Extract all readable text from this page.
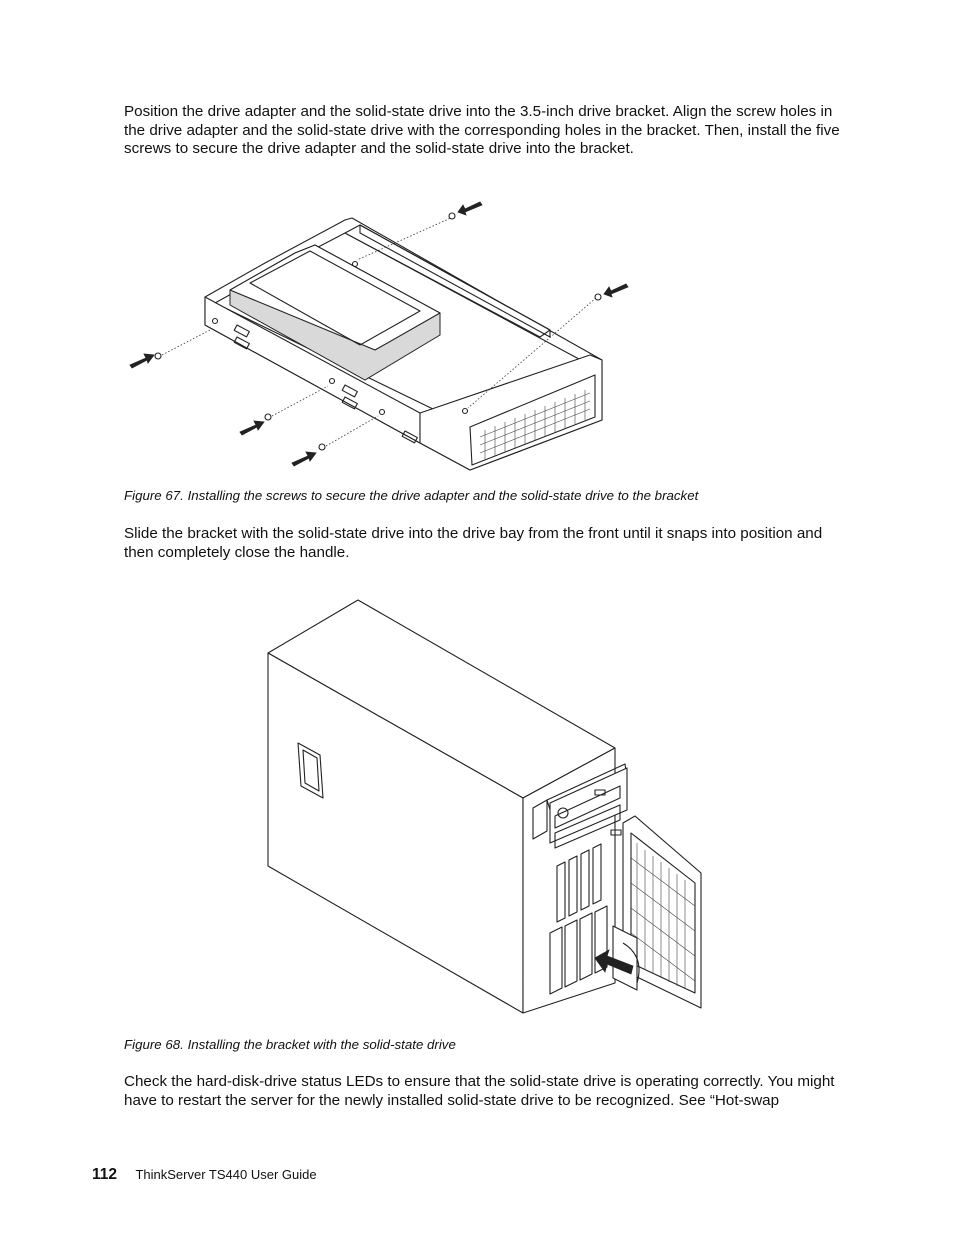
Position the drive adapter and the solid-state drive into the 3.5-inch drive bracket. Align the screw holes in the drive adapter and the solid-state drive with the corresponding holes in the bracket. Then, install the five screws to secure the drive adapter and the solid-state drive into the bracket.
Figure 67. Installing the screws to secure the drive adapter and the solid-state drive to the bracket
Slide the bracket with the solid-state drive into the drive bay from the front until it snaps into position and then completely close the handle.
Figure 68. Installing the bracket with the solid-state drive
Check the hard-disk-drive status LEDs to ensure that the solid-state drive is operating correctly. You might have to restart the server for the newly installed solid-state drive to be recognized. See “Hot-swap
112 ThinkServer TS440 User Guide
